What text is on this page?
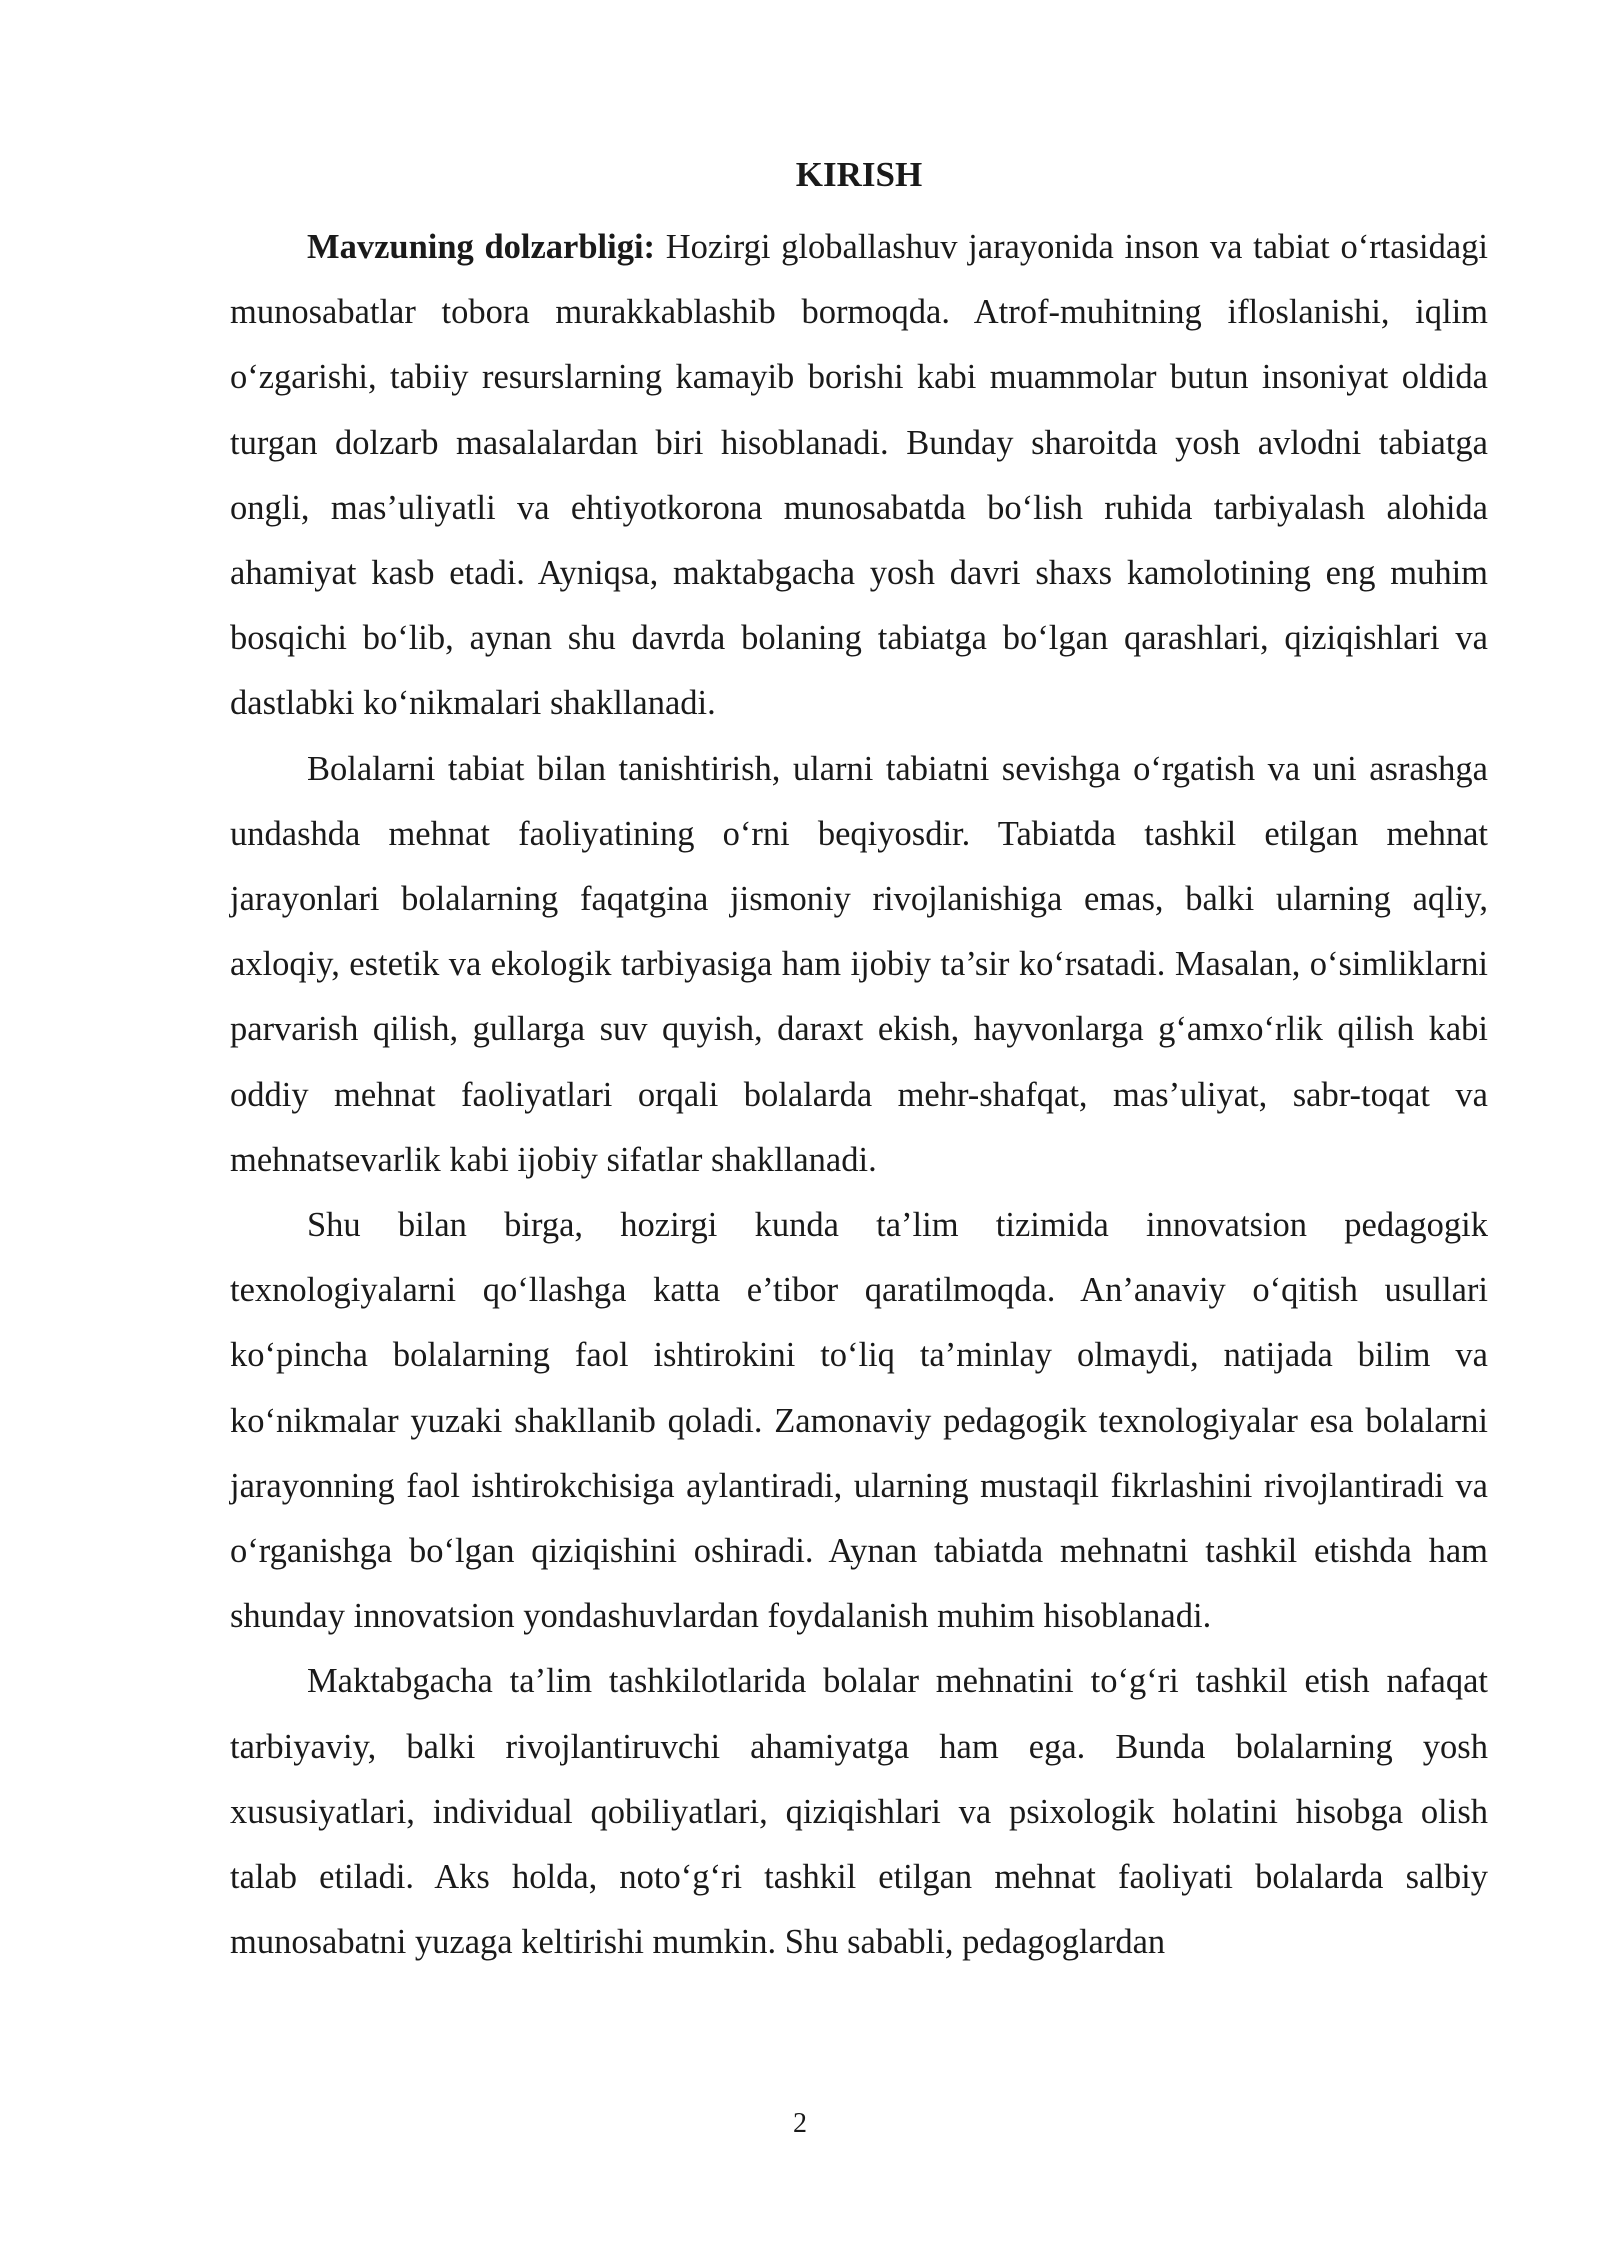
KIRISH

Mavzuning dolzarbligi: Hozirgi globallashuv jarayonida inson va tabiat o‘rtasidagi munosabatlar tobora murakkablashib bormoqda. Atrof-muhitning ifloslanishi, iqlim o‘zgarishi, tabiiy resurslarning kamayib borishi kabi muammolar butun insoniyat oldida turgan dolzarb masalalardan biri hisoblanadi. Bunday sharoitda yosh avlodni tabiatga ongli, mas’uliyatli va ehtiyotkorona munosabatda bo‘lish ruhida tarbiyalash alohida ahamiyat kasb etadi. Ayniqsa, maktabgacha yosh davri shaxs kamolotining eng muhim bosqichi bo‘lib, aynan shu davrda bolaning tabiatga bo‘lgan qarashlari, qiziqishlari va dastlabki ko‘nikmalari shakllanadi.

Bolalarni tabiat bilan tanishtirish, ularni tabiatni sevishga o‘rgatish va uni asrashga undashda mehnat faoliyatining o‘rni beqiyosdir. Tabiatda tashkil etilgan mehnat jarayonlari bolalarning faqatgina jismoniy rivojlanishiga emas, balki ularning aqliy, axloqiy, estetik va ekologik tarbiyasiga ham ijobiy ta’sir ko‘rsatadi. Masalan, o‘simliklarni parvarish qilish, gullarga suv quyish, daraxt ekish, hayvonlarga g‘amxo‘rlik qilish kabi oddiy mehnat faoliyatlari orqali bolalarda mehr-shafqat, mas’uliyat, sabr-toqat va mehnatsevarlik kabi ijobiy sifatlar shakllanadi.

Shu bilan birga, hozirgi kunda ta’lim tizimida innovatsion pedagogik texnologiyalarni qo‘llashga katta e’tibor qaratilmoqda. An’anaviy o‘qitish usullari ko‘pincha bolalarning faol ishtirokini to‘liq ta’minlay olmaydi, natijada bilim va ko‘nikmalar yuzaki shakllanib qoladi. Zamonaviy pedagogik texnologiyalar esa bolalarni jarayonning faol ishtirokchisiga aylantiradi, ularning mustaqil fikrlashini rivojlantiradi va o‘rganishga bo‘lgan qiziqishini oshiradi. Aynan tabiatda mehnatni tashkil etishda ham shunday innovatsion yondashuvlardan foydalanish muhim hisoblanadi.

Maktabgacha ta’lim tashkilotlarida bolalar mehnatini to‘g‘ri tashkil etish nafaqat tarbiyaviy, balki rivojlantiruvchi ahamiyatga ham ega. Bunda bolalarning yosh xususiyatlari, individual qobiliyatlari, qiziqishlari va psixologik holatini hisobga olish talab etiladi. Aks holda, noto‘g‘ri tashkil etilgan mehnat faoliyati bolalarda salbiy munosabatni yuzaga keltirishi mumkin. Shu sababli, pedagoglardan

2
